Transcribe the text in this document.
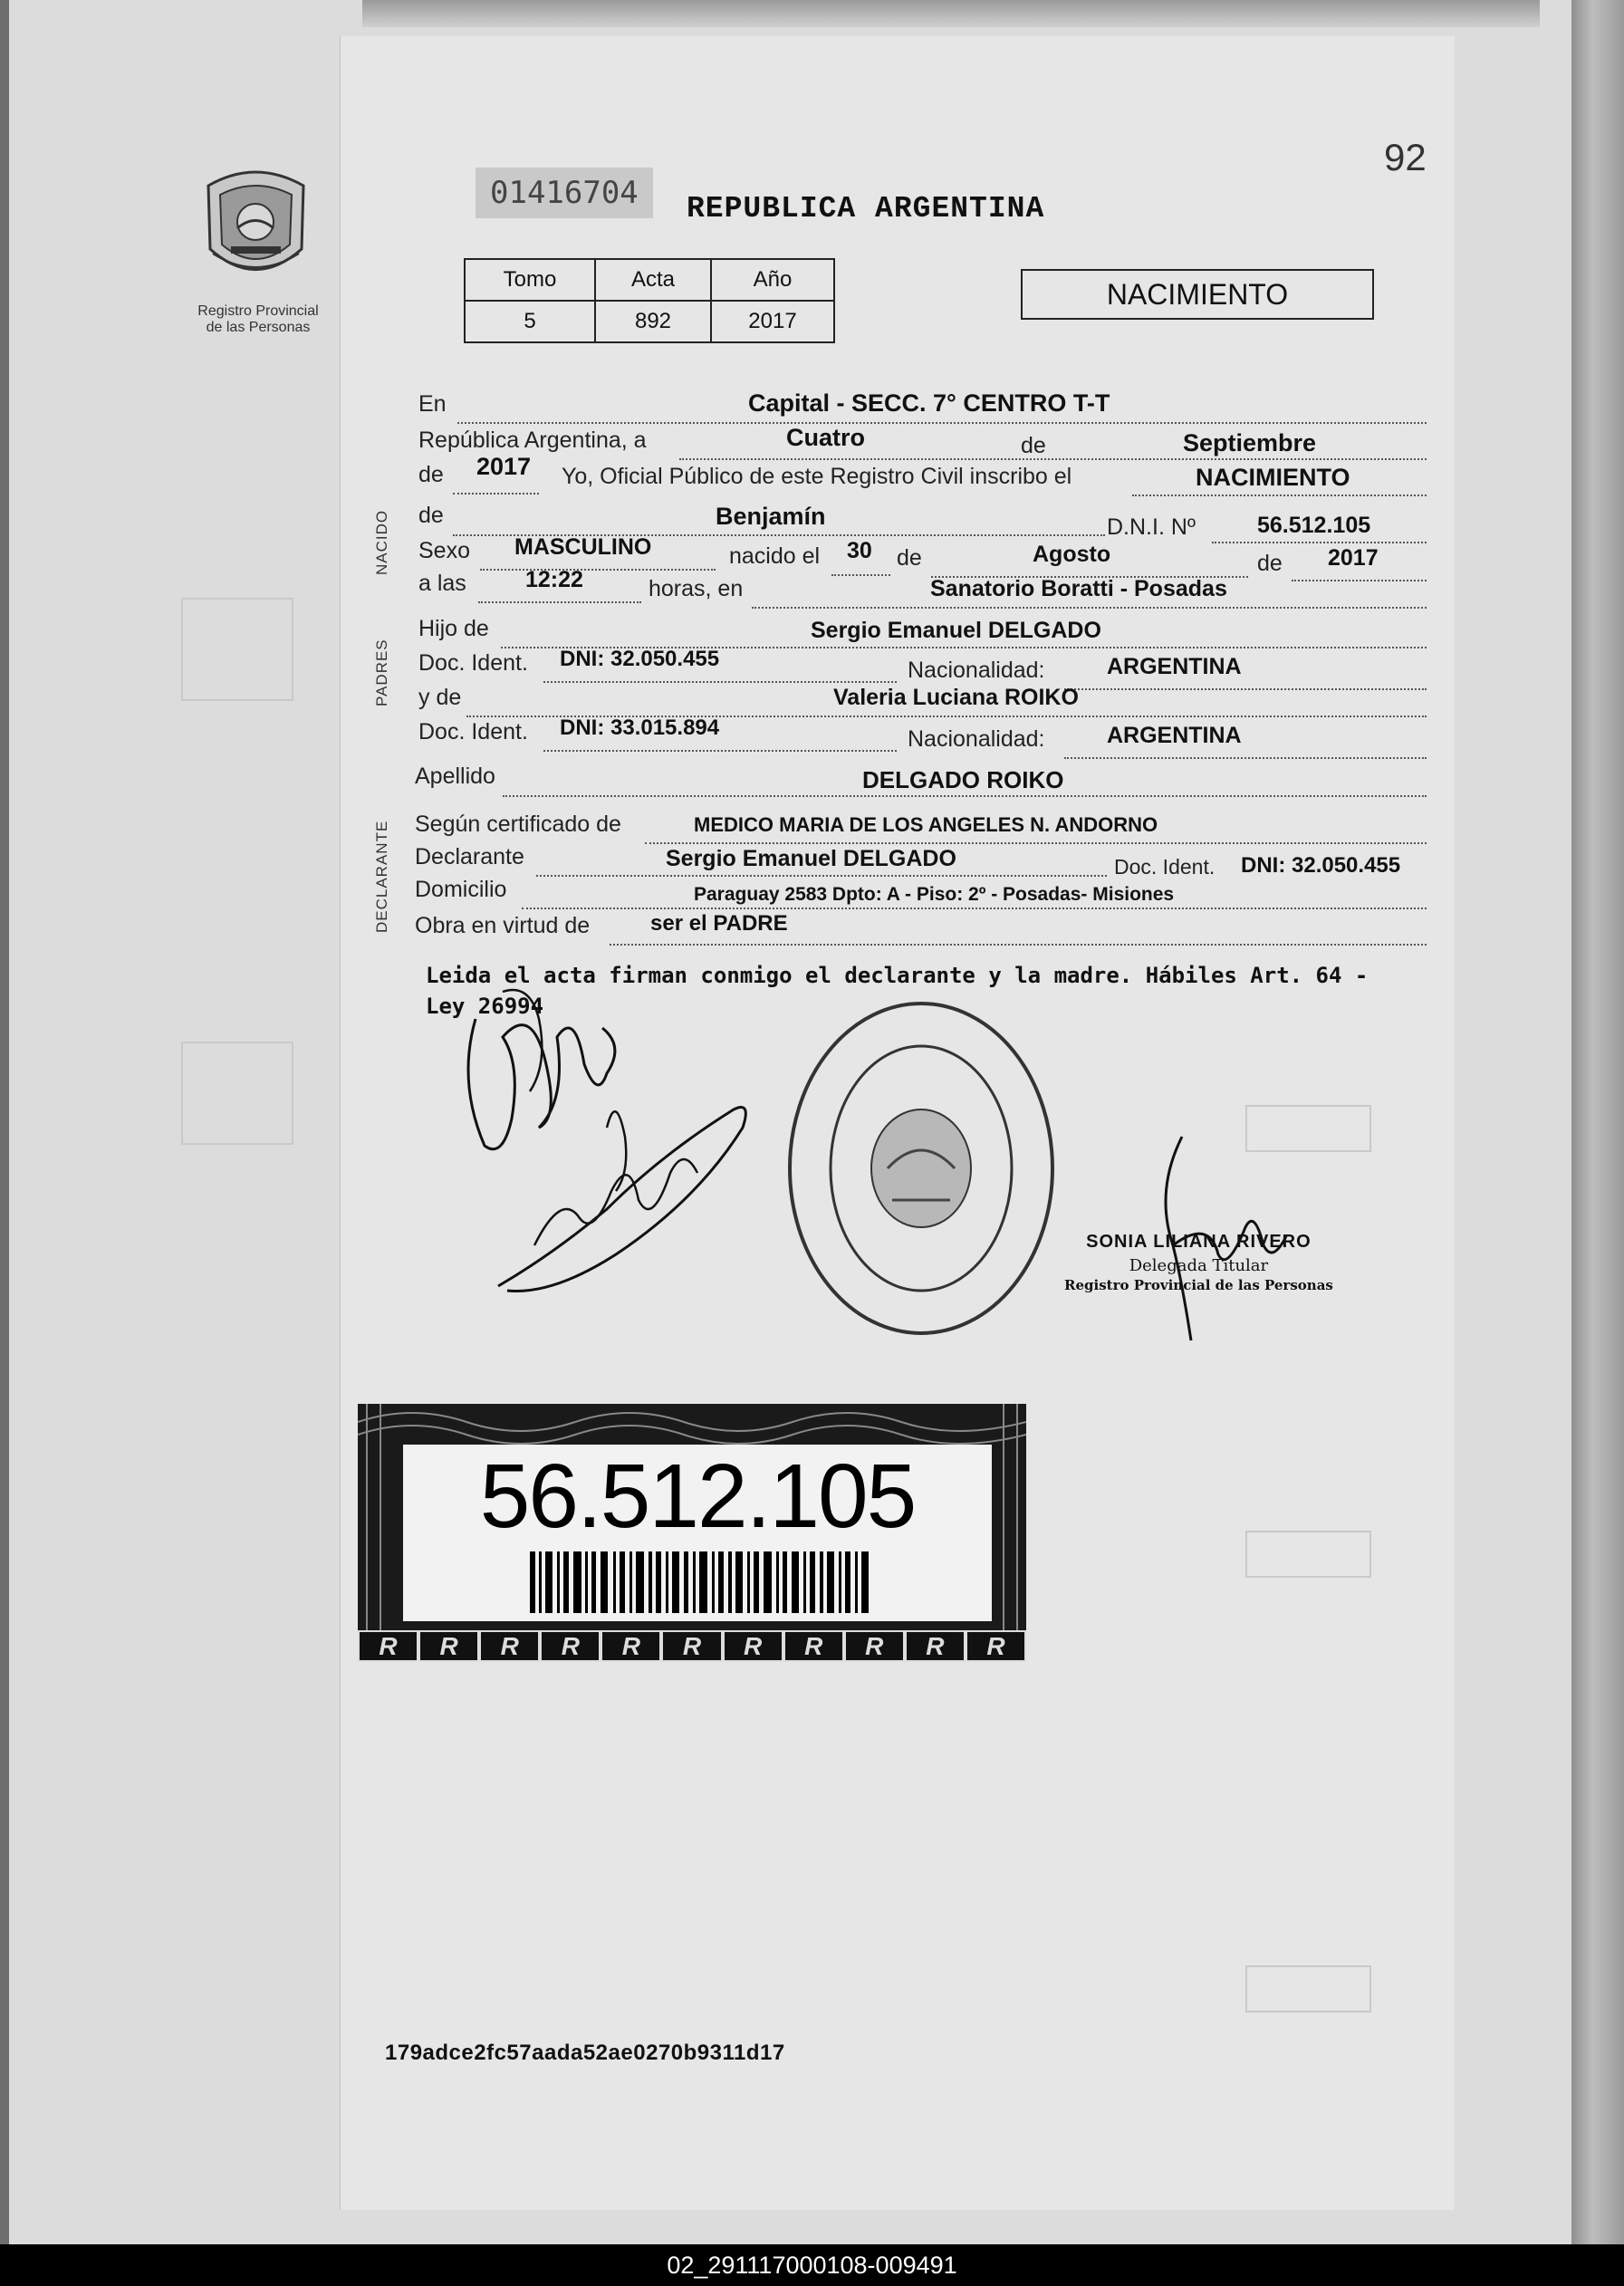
Registro Provincial
de las Personas
92
01416704	REPUBLICA ARGENTINA
Tomo	Acta	Año
5	892	2017
NACIMIENTO
NACIDO
PADRES
DECLARANTE
En	Capital - SECC. 7° CENTRO T-T
República Argentina, a	Cuatro	de	Septiembre
de 2017 Yo, Oficial Público de este Registro Civil inscribo el	NACIMIENTO
de	Benjamín	D.N.I. Nº	56.512.105
Sexo MASCULINO	nacido el 30 de	Agosto	de 2017
a las	12:22	horas, en	Sanatorio Boratti - Posadas
Hijo de	Sergio Emanuel DELGADO
Doc. Ident. DNI: 32.050.455	Nacionalidad:	ARGENTINA
y de	Valeria Luciana ROIKO
Doc. Ident. DNI: 33.015.894	Nacionalidad:	ARGENTINA
Apellido	DELGADO ROIKO
Según certificado de	MEDICO MARIA DE LOS ANGELES N. ANDORNO
Declarante	Sergio Emanuel DELGADO	Doc. Ident. DNI: 32.050.455
Domicilio	Paraguay 2583 Dpto: A - Piso: 2º - Posadas- Misiones
Obra en virtud de	ser el PADRE
Leida el acta firman conmigo el declarante y la madre. Hábiles Art. 64 - Ley 26994
SONIA LILIANA RIVERO
Delegada Titular
Registro Provincial de las Personas
R	R	R	R	R	R	R	R	R	R	R
56.512.105
179adce2fc57aada52ae0270b9311d17
02_291117000108-009491
